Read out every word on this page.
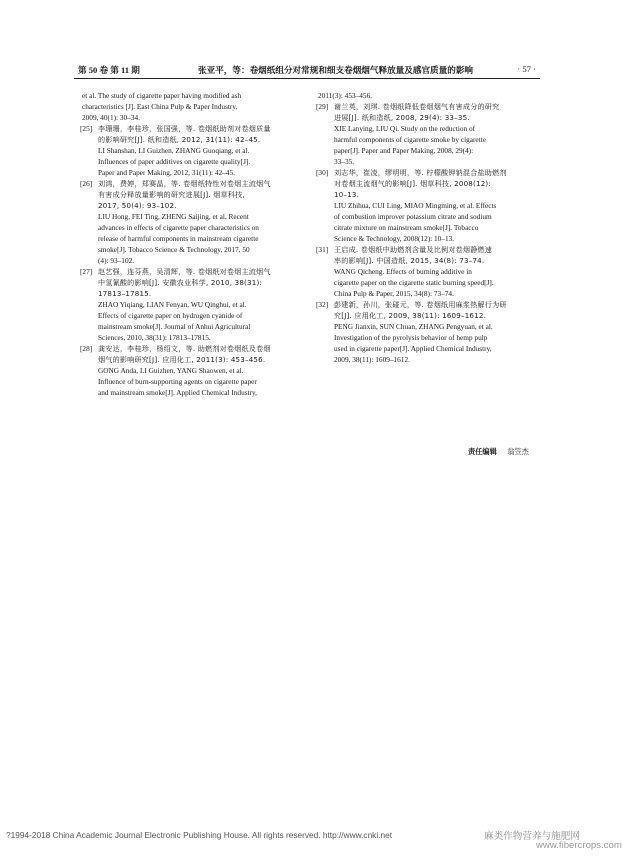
第 50 卷 第 11 期	张亚平，等：卷烟纸组分对常规和细支卷烟烟气释放量及感官质量的影响	· 57 ·

et al. The study of cigarette paper having modified ash

characteristics [J]. East China Pulp & Paper Industry,

2009, 40(1): 30–34.

[25] 李珊珊，李桂珍，张国强，等. 卷烟纸助剂对卷烟质量

的影响研究[J]. 纸和造纸, 2012, 31(11): 42–45.

LI Shanshan, LI Guizhen, ZHANG Guoqiang, et al.

Influences of paper additives on cigarette quality[J].

Paper and Paper Making, 2012, 31(11): 42–45.

[26] 刘鸿，费婷，郑赛晶，等. 卷烟纸特性对卷烟主流烟气

有害成分释放量影响的研究进展[J]. 烟草科技,

2017, 50(4): 93–102.

LIU Hong, FEI Ting, ZHENG Saijing, et al. Recent

advances in effects of cigarette paper characteristics on

release of harmful components in mainstream cigarette

smoke[J]. Tobacco Science & Technology, 2017, 50

(4): 93–102.

[27] 赵艺强，连芬燕，吴清辉，等. 卷烟纸对卷烟主流烟气

中氢氰酸的影响[J]. 安徽农业科学, 2010, 38(31):

17813–17815.

ZHAO Yiqiang, LIAN Fenyan, WU Qinghui, et al.

Effects of cigarette paper on hydrogen cyanide of

mainstream smoke[J]. Journal of Anhui Agricultural

Sciences, 2010, 38(31): 17813–17815.

[28] 龚安达，李桂珍，杨绍文，等. 助燃剂对卷烟纸及卷烟

烟气的影响研究[J]. 应用化工, 2011(3): 453–456.

GONG Anda, LI Guizhen, YANG Shaowen, et al.

Influence of burn-supporting agents on cigarette paper

and mainstream smoke[J]. Applied Chemical Industry,

2011(3): 453–456.

[29] 谢兰英，刘琪. 卷烟纸降低卷烟烟气有害成分的研究

进展[J]. 纸和造纸, 2008, 29(4): 33–35.

XIE Lanying, LIU Qi. Study on the reduction of

harmful components of cigarette smoke by cigarette

paper[J]. Paper and Paper Making, 2008, 29(4):

33–35.

[30] 刘志华，崔凌，缪明明，等. 柠檬酸钾钠混合盐助燃剂

对卷烟主流烟气的影响[J]. 烟草科技, 2008(12):

10–13.

LIU Zhihua, CUI Ling, MIAO Mingming, et al. Effects

of combustion improver potassium citrate and sodium

citrate mixture on mainstream smoke[J]. Tobacco

Science & Technology, 2008(12): 10–13.

[31] 王启成. 卷烟纸中助燃剂含量及比例对卷烟静燃速

率的影响[J]. 中国造纸, 2015, 34(8): 73–74.

WANG Qicheng. Effects of burning additive in

cigarette paper on the cigarette static burning speed[J].

China Pulp & Paper, 2015, 34(8): 73–74.

[32] 彭建新，孙川，张碰元，等. 卷烟纸用麻浆热解行为研

究[J]. 应用化工, 2009, 38(11): 1609–1612.

PENG Jianxin, SUN Chuan, ZHANG Pengyuan, et al.

Investigation of the pyrolysis behavior of hemp pulp

used in cigarette paper[J]. Applied Chemical Industry,

2009, 38(11): 1609–1612.

责任编辑 翁笠杰
?1994-2018 China Academic Journal Electronic Publishing House. All rights reserved. http://www.cnki.net	麻类作物营养与施肥网
www.fibercrops.com
